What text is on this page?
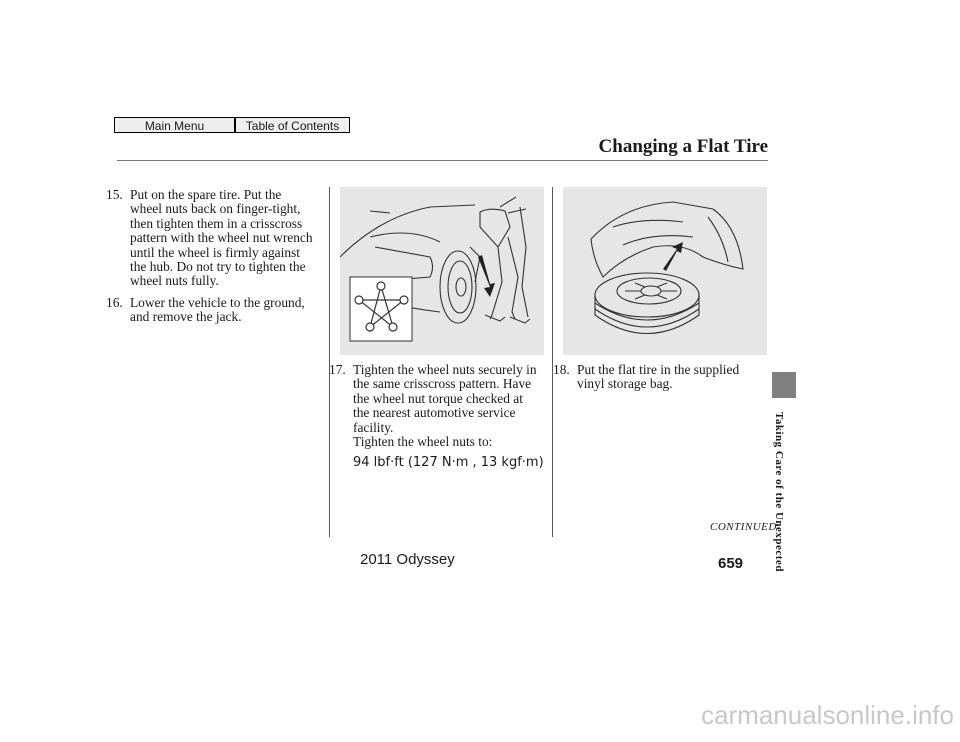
Main Menu	Table of Contents
Changing a Flat Tire
15. Put on the spare tire. Put the
wheel nuts back on finger-tight,
then tighten them in a crisscross
pattern with the wheel nut wrench
until the wheel is firmly against
the hub. Do not try to tighten the
wheel nuts fully.
16. Lower the vehicle to the ground,
and remove the jack.
17. Tighten the wheel nuts securely in
the same crisscross pattern. Have
the wheel nut torque checked at
the nearest automotive service
facility.
Tighten the wheel nuts to:
94 lbf·ft (127 N·m , 13 kgf·m)
18. Put the flat tire in the supplied
vinyl storage bag.
CONTINUED
Taking Care of the Unexpected
2011 Odyssey	659
carmanualsonline.info
